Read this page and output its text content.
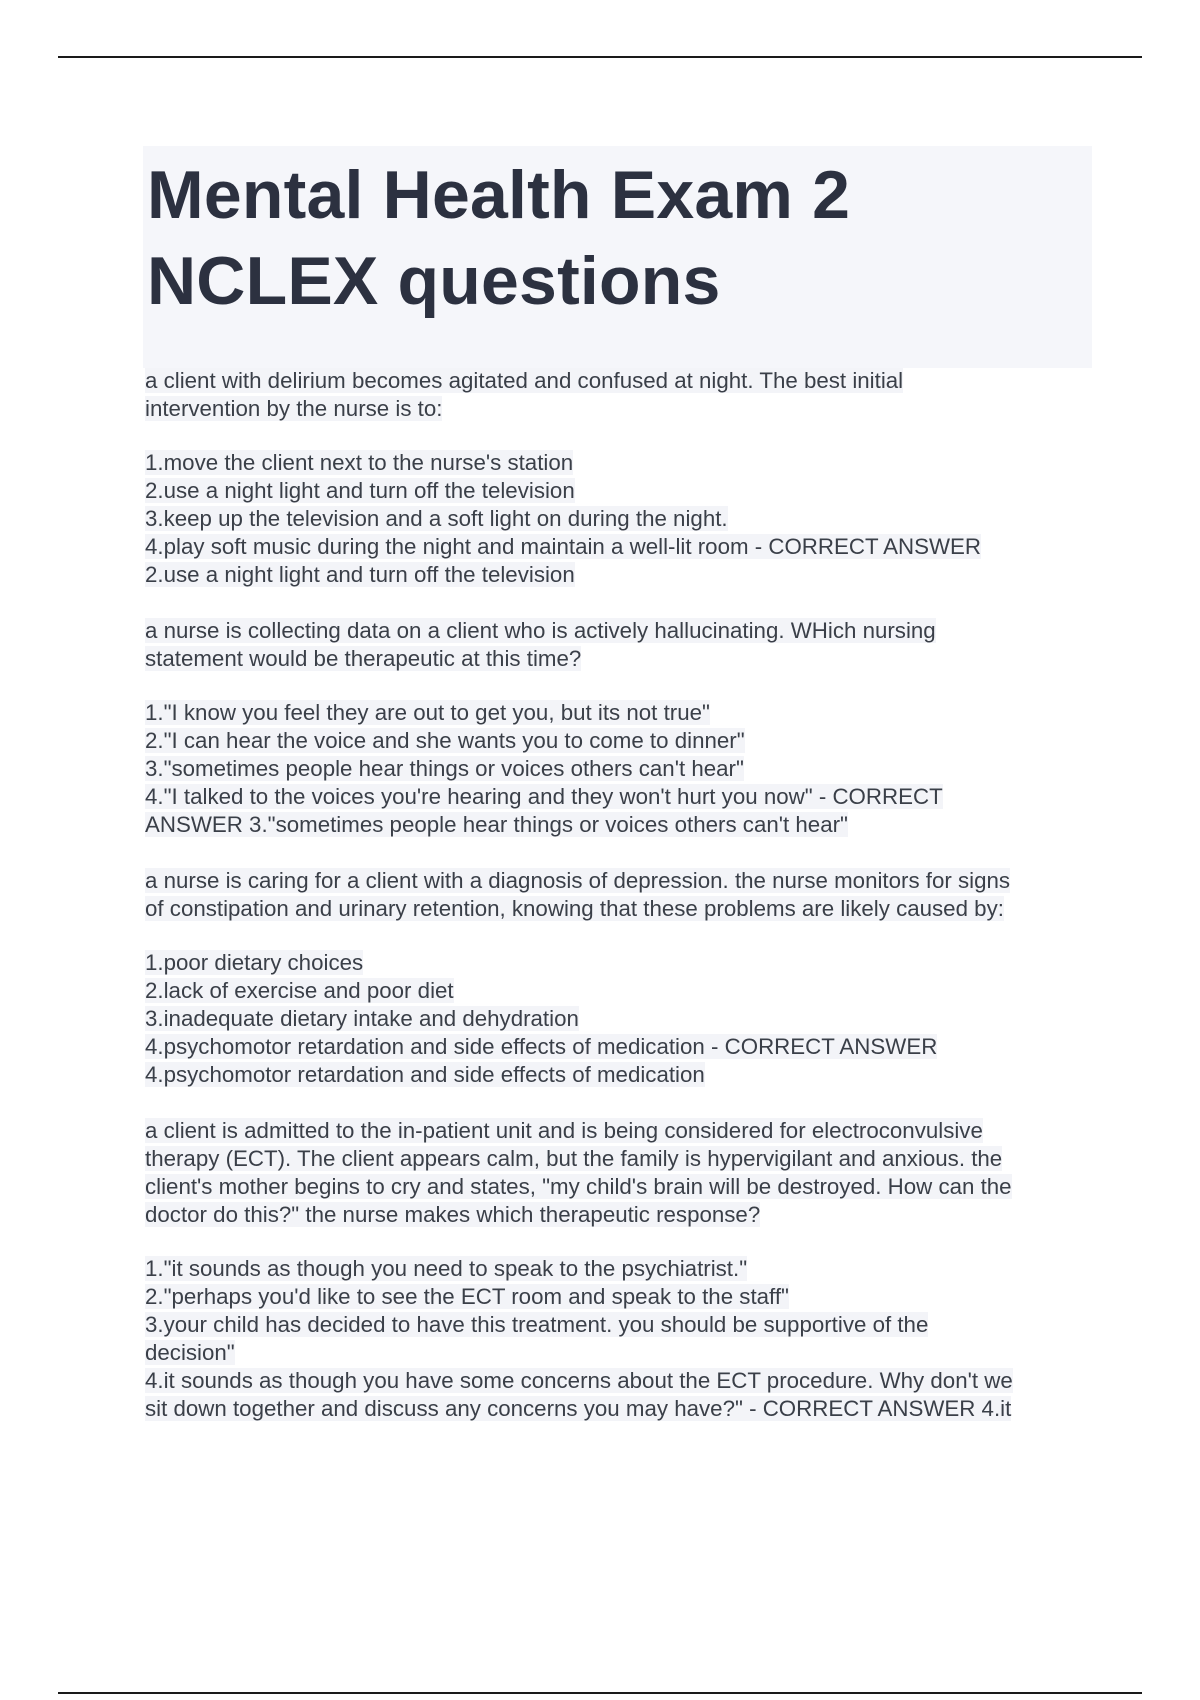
Mental Health Exam 2
NCLEX questions
a client with delirium becomes agitated and confused at night. The best initial
intervention by the nurse is to:
1.move the client next to the nurse's station
2.use a night light and turn off the television
3.keep up the television and a soft light on during the night.
4.play soft music during the night and maintain a well-lit room - CORRECT ANSWER
2.use a night light and turn off the television
a nurse is collecting data on a client who is actively hallucinating. WHich nursing
statement would be therapeutic at this time?
1."I know you feel they are out to get you, but its not true"
2."I can hear the voice and she wants you to come to dinner"
3."sometimes people hear things or voices others can't hear"
4."I talked to the voices you're hearing and they won't hurt you now" - CORRECT
ANSWER 3."sometimes people hear things or voices others can't hear"
a nurse is caring for a client with a diagnosis of depression. the nurse monitors for signs
of constipation and urinary retention, knowing that these problems are likely caused by:
1.poor dietary choices
2.lack of exercise and poor diet
3.inadequate dietary intake and dehydration
4.psychomotor retardation and side effects of medication - CORRECT ANSWER
4.psychomotor retardation and side effects of medication
a client is admitted to the in-patient unit and is being considered for electroconvulsive
therapy (ECT). The client appears calm, but the family is hypervigilant and anxious. the
client's mother begins to cry and states, "my child's brain will be destroyed. How can the
doctor do this?" the nurse makes which therapeutic response?
1."it sounds as though you need to speak to the psychiatrist."
2."perhaps you'd like to see the ECT room and speak to the staff"
3.your child has decided to have this treatment. you should be supportive of the
decision"
4.it sounds as though you have some concerns about the ECT procedure. Why don't we
sit down together and discuss any concerns you may have?" - CORRECT ANSWER 4.it
